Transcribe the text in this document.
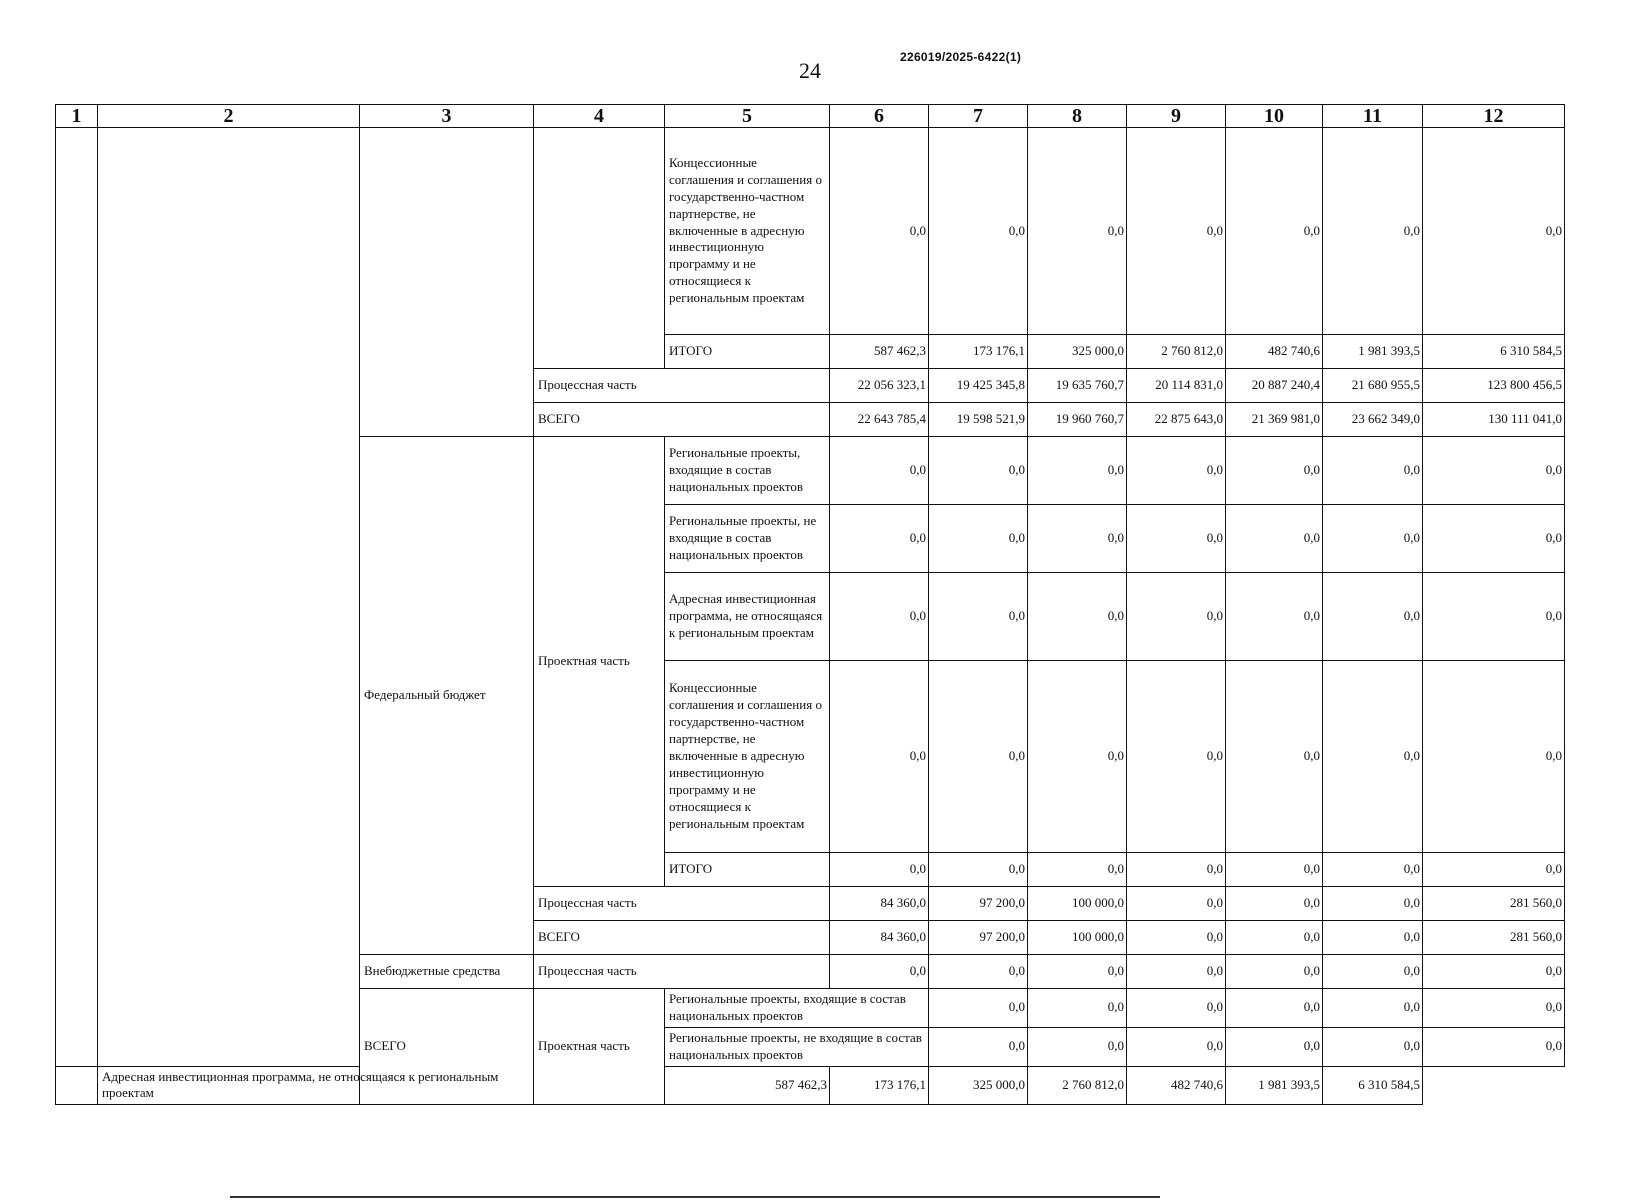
24
226019/2025-6422(1)
1	2	3	4	5	6	7	8	9	10	11	12	
				Концессионные соглашения и соглашения о государственно-частном партнерстве, не включенные в адресную инвестиционную программу и не относящиеся к региональным проектам	0,0	0,0	0,0	0,0	0,0	0,0	0,0	
				ИТОГО	587 462,3	173 176,1	325 000,0	2 760 812,0	482 740,6	1 981 393,5	6 310 584,5	
			Процессная часть		22 056 323,1	19 425 345,8	19 635 760,7	20 114 831,0	20 887 240,4	21 680 955,5	123 800 456,5	
			ВСЕГО		22 643 785,4	19 598 521,9	19 960 760,7	22 875 643,0	21 369 981,0	23 662 349,0	130 111 041,0	
		Федеральный бюджет	Проектная часть	Региональные проекты, входящие в состав национальных проектов	0,0	0,0	0,0	0,0	0,0	0,0	0,0	
				Региональные проекты, не входящие в состав национальных проектов	0,0	0,0	0,0	0,0	0,0	0,0	0,0	
				Адресная инвестиционная программа, не относящаяся к региональным проектам	0,0	0,0	0,0	0,0	0,0	0,0	0,0	
				Концессионные соглашения и соглашения о государственно-частном партнерстве, не включенные в адресную инвестиционную программу и не относящиеся к региональным проектам	0,0	0,0	0,0	0,0	0,0	0,0	0,0	
				ИТОГО	0,0	0,0	0,0	0,0	0,0	0,0	0,0	
			Процессная часть		84 360,0	97 200,0	100 000,0	0,0	0,0	0,0	281 560,0	
			ВСЕГО		84 360,0	97 200,0	100 000,0	0,0	0,0	0,0	281 560,0	
		Внебюджетные средства	Процессная часть		0,0	0,0	0,0	0,0	0,0	0,0	0,0	
		ВСЕГО	Проектная часть	Региональные проекты, входящие в состав национальных проектов		0,0	0,0	0,0	0,0	0,0	0,0	
				Региональные проекты, не входящие в состав национальных проектов		0,0	0,0	0,0	0,0	0,0	0,0	
	Адресная инвестиционная программа, не относящаяся к региональным проектам			587 462,3	173 176,1	325 000,0	2 760 812,0	482 740,6	1 981 393,5	6 310 584,5		
